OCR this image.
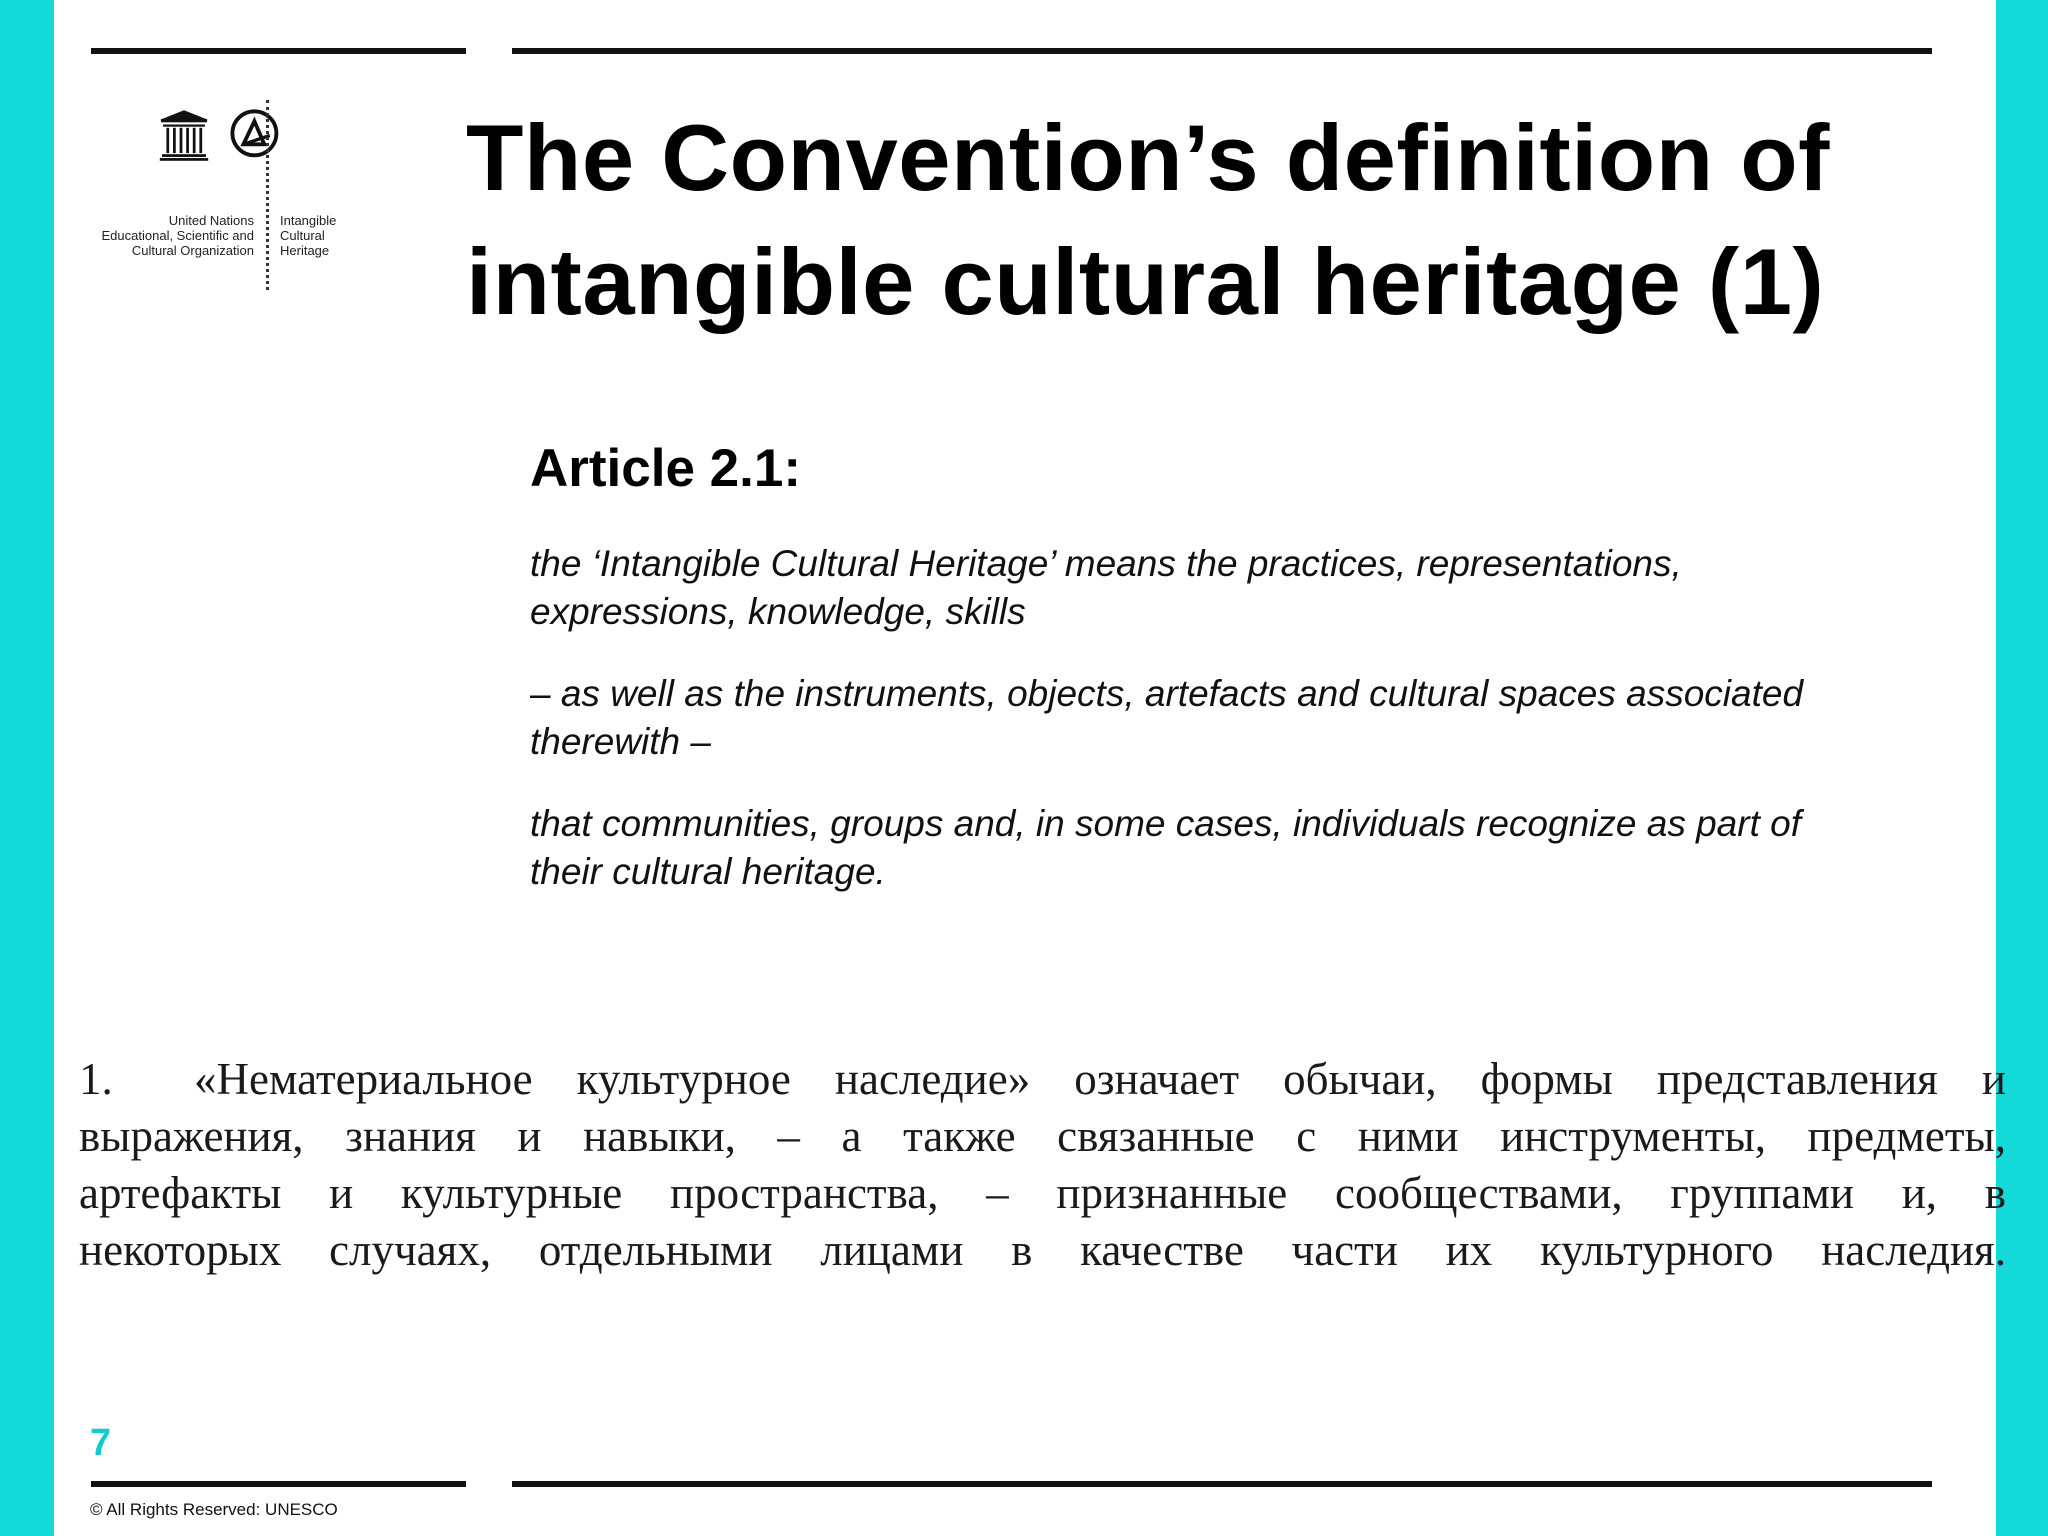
United Nations
Educational, Scientific and
Cultural Organization
Intangible
Cultural
Heritage
The Convention’s definition of
intangible cultural heritage (1)
Article 2.1:
the ‘Intangible Cultural Heritage’ means the practices, representations,
expressions, knowledge, skills
– as well as the instruments, objects, artefacts and cultural spaces associated
therewith –
that communities, groups and, in some cases, individuals recognize as part of
their cultural heritage.
1. «Нематериальное культурное наследие» означает обычаи, формы представления и
выражения, знания и навыки, – а также связанные с ними инструменты, предметы,
артефакты и культурные пространства, – признанные сообществами, группами и, в
некоторых случаях, отдельными лицами в качестве части их культурного наследия.
7
© All Rights Reserved: UNESCO
